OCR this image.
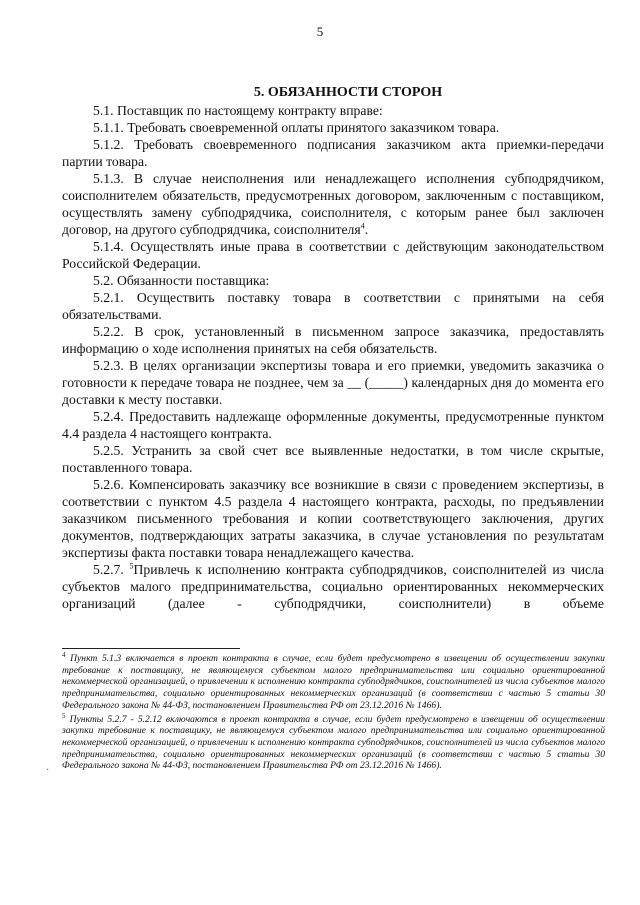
5
5. ОБЯЗАННОСТИ СТОРОН

5.1. Поставщик по настоящему контракту вправе:

5.1.1. Требовать своевременной оплаты принятого заказчиком товара.

5.1.2. Требовать своевременного подписания заказчиком акта приемки-передачи партии товара.

5.1.3. В случае неисполнения или ненадлежащего исполнения субподрядчиком, соисполнителем обязательств, предусмотренных договором, заключенным с поставщиком, осуществлять замену субподрядчика, соисполнителя, с которым ранее был заключен договор, на другого субподрядчика, соисполнителя$^4$.

5.1.4. Осуществлять иные права в соответствии с действующим законодательством Российской Федерации.

5.2. Обязанности поставщика:

5.2.1. Осуществить поставку товара в соответствии с принятыми на себя обязательствами.

5.2.2. В срок, установленный в письменном запросе заказчика, предоставлять информацию о ходе исполнения принятых на себя обязательств.

5.2.3. В целях организации экспертизы товара и его приемки, уведомить заказчика о готовности к передаче товара не позднее, чем за __ (_____) календарных дня до момента его доставки к месту поставки.

5.2.4. Предоставить надлежаще оформленные документы, предусмотренные пунктом 4.4 раздела 4 настоящего контракта.

5.2.5. Устранить за свой счет все выявленные недостатки, в том числе скрытые, поставленного товара.

5.2.6. Компенсировать заказчику все возникшие в связи с проведением экспертизы, в соответствии с пунктом 4.5 раздела 4 настоящего контракта, расходы, по предъявлении заказчиком письменного требования и копии соответствующего заключения, других документов, подтверждающих затраты заказчика, в случае установления по результатам экспертизы факта поставки товара ненадлежащего качества.

5.2.7. $^5$Привлечь к исполнению контракта субподрядчиков, соисполнителей из числа субъектов малого предпринимательства, социально ориентированных некоммерческих организаций (далее - субподрядчики, соисполнители) в объеме

$^4$ Пункт 5.1.3 включается в проект контракта в случае, если будет предусмотрено в извещении об осуществлении закупки требование к поставщику, не являющемуся субъектом малого предпринимательства или социально ориентированной некоммерческой организацией, о привлечении к исполнению контракта субподрядчиков, соисполнителей из числа субъектов малого предпринимательства, социально ориентированных некоммерческих организаций (в соответствии с частью 5 статьи 30 Федерального закона № 44-ФЗ, постановлением Правительства РФ от 23.12.2016 № 1466).

$^5$ Пункты 5.2.7 - 5.2.12 включаются в проект контракта в случае, если будет предусмотрено в извещении об осуществлении закупки требование к поставщику, не являющемуся субъектом малого предпринимательства или социально ориентированной некоммерческой организацией, о привлечении к исполнению контракта субподрядчиков, соисполнителей из числа субъектов малого предпринимательства, социально ориентированных некоммерческих организаций (в соответствии с частью 5 статьи 30 Федерального закона № 44-ФЗ, постановлением Правительства РФ от 23.12.2016 № 1466).

·
